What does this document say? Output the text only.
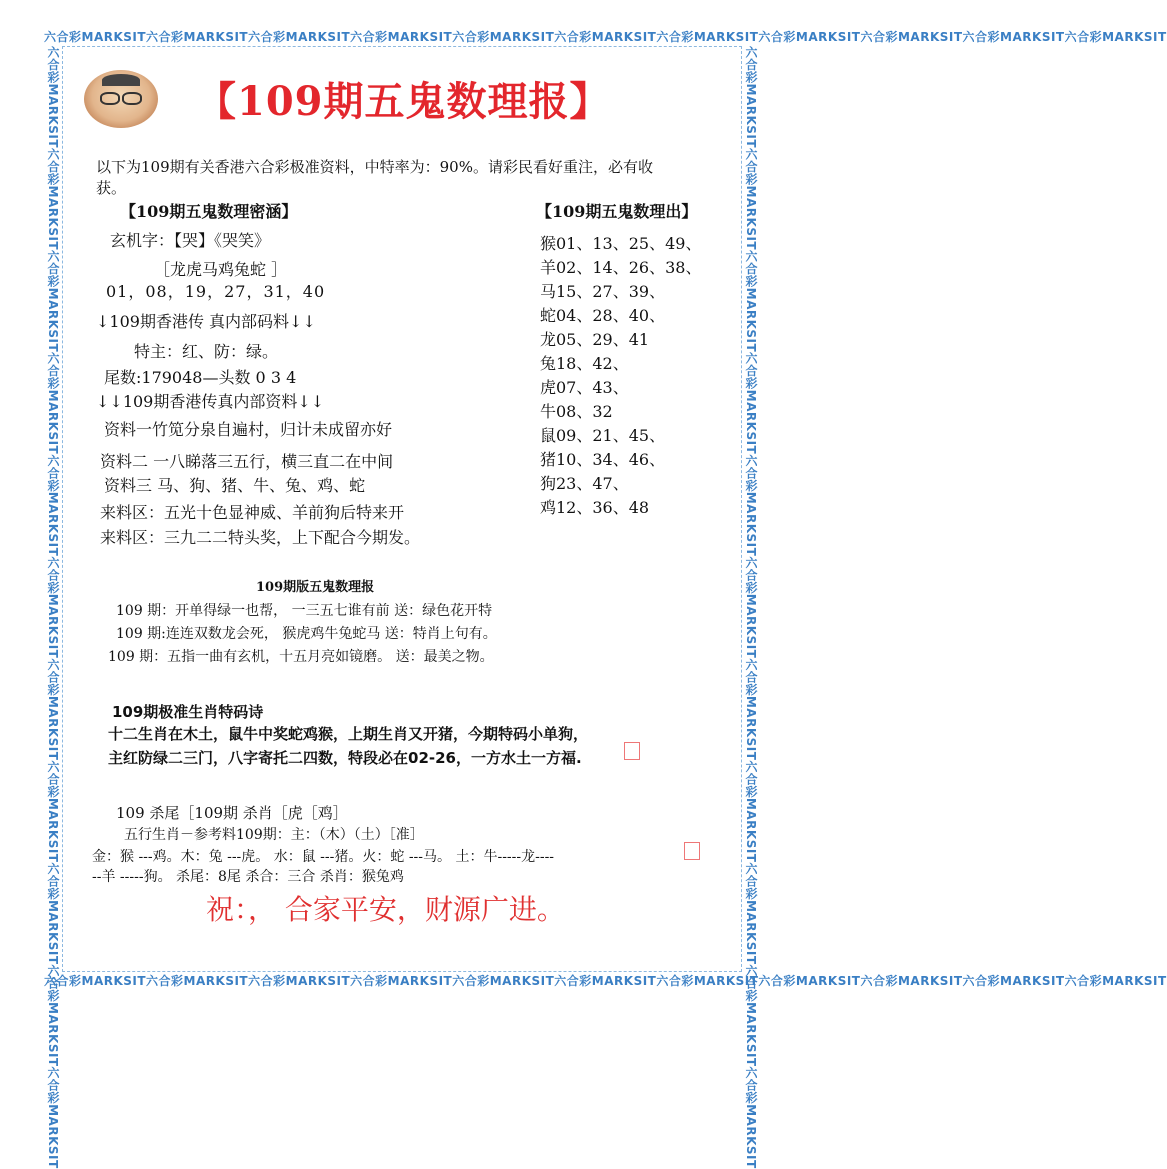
六合彩MARKSIT六合彩MARKSIT六合彩MARKSIT六合彩MARKSIT六合彩MARKSIT六合彩MARKSIT六合彩MARKSIT六合彩MARKSIT六合彩MARKSIT六合彩MARKSIT六合彩MARKSIT
六合彩MARKSIT六合彩MARKSIT六合彩MARKSIT六合彩MARKSIT六合彩MARKSIT六合彩MARKSIT六合彩MARKSIT六合彩MARKSIT六合彩MARKSIT六合彩MARKSIT六合彩MARKSIT
六合彩MARKSIT六合彩MARKSIT六合彩MARKSIT六合彩MARKSIT六合彩MARKSIT六合彩MARKSIT六合彩MARKSIT六合彩MARKSIT六合彩MARKSIT六合彩MARKSIT六合彩MARKSIT	六合彩MARKSIT六合彩MARKSIT六合彩MARKSIT六合彩MARKSIT六合彩MARKSIT六合彩MARKSIT六合彩MARKSIT六合彩MARKSIT六合彩MARKSIT六合彩MARKSIT六合彩MARKSIT
【109期五鬼数理报】
以下为109期有关香港六合彩极准资料，中特率为：90%。请彩民看好重注，必有收
获。
【109期五鬼数理密涵】
玄机字：【哭】《哭笑》
［龙虎马鸡兔蛇 ］
01，08，19，27，31，40
↓109期香港传 真内部码料↓↓
特主：红、防：绿。
尾数:179048—头数 0 3 4
↓↓109期香港传真内部资料↓↓
资料一竹笕分泉自遍村，归计未成留亦好
资料二 一八睇落三五行，横三直二在中间
资料三 马、狗、猪、牛、兔、鸡、蛇
来料区：五光十色显神威、羊前狗后特来开
来料区：三九二二特头奖，上下配合今期发。
【109期五鬼数理出】
猴01、13、25、49、
羊02、14、26、38、
马15、27、39、
蛇04、28、40、
龙05、29、41
兔18、42、
虎07、43、
牛08、32
鼠09、21、45、
猪10、34、46、
狗23、47、
鸡12、36、48
109期版五鬼数理报
109 期：开单得绿一也帮， 一三五七谁有前 送：绿色花开特
109 期:连连双数龙会死， 猴虎鸡牛兔蛇马 送：特肖上句有。
109 期：五指一曲有玄机，十五月亮如镜磨。 送：最美之物。
109期极准生肖特码诗
十二生肖在木土，鼠牛中奖蛇鸡猴，上期生肖又开猪，今期特码小单狗，
主红防绿二三门，八字寄托二四数，特段必在02-26，一方水土一方福.
109 杀尾［109期 杀肖［虎［鸡］
五行生肖－参考料109期：主：（木）（土）［准］
金：猴 ---鸡。木：兔 ---虎。 水：鼠 ---猪。火：蛇 ---马。 土：牛-----龙----
--羊 -----狗。 杀尾：8尾 杀合：三合 杀肖：猴兔鸡
祝：， 合家平安，财源广进。
